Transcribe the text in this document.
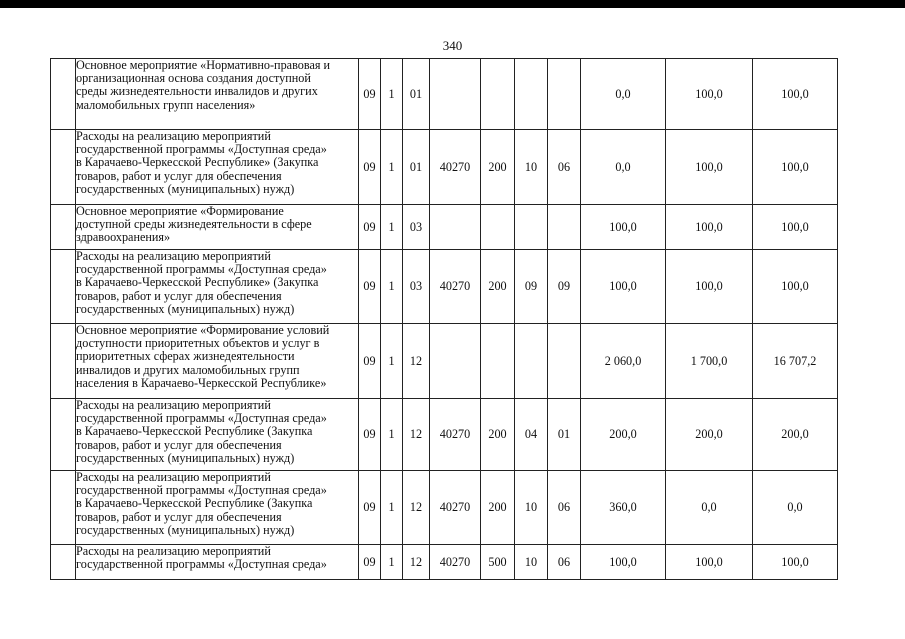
340
	Основное мероприятие «Нормативно-правовая и
организационная основа создания доступной
среды жизнедеятельности инвалидов и других
маломобильных групп населения»	09	1	01					0,0	100,0	100,0
	Расходы на реализацию мероприятий
государственной программы «Доступная среда»
в Карачаево-Черкесской Республике» (Закупка
товаров, работ и услуг для обеспечения
государственных (муниципальных) нужд)	09	1	01	40270	200	10	06	0,0	100,0	100,0
	Основное мероприятие «Формирование
доступной среды жизнедеятельности в сфере
здравоохранения»	09	1	03					100,0	100,0	100,0
	Расходы на реализацию мероприятий
государственной программы «Доступная среда»
в Карачаево-Черкесской Республике» (Закупка
товаров, работ и услуг для обеспечения
государственных (муниципальных) нужд)	09	1	03	40270	200	09	09	100,0	100,0	100,0
	Основное мероприятие «Формирование условий
доступности приоритетных объектов и услуг в
приоритетных сферах жизнедеятельности
инвалидов и других маломобильных групп
населения в Карачаево-Черкесской Республике»	09	1	12					2 060,0	1 700,0	16 707,2
	Расходы на реализацию мероприятий
государственной программы «Доступная среда»
в Карачаево-Черкесской Республике (Закупка
товаров, работ и услуг для обеспечения
государственных (муниципальных) нужд)	09	1	12	40270	200	04	01	200,0	200,0	200,0
	Расходы на реализацию мероприятий
государственной программы «Доступная среда»
в Карачаево-Черкесской Республике (Закупка
товаров, работ и услуг для обеспечения
государственных (муниципальных) нужд)	09	1	12	40270	200	10	06	360,0	0,0	0,0
	Расходы на реализацию мероприятий
государственной программы «Доступная среда»	09	1	12	40270	500	10	06	100,0	100,0	100,0
